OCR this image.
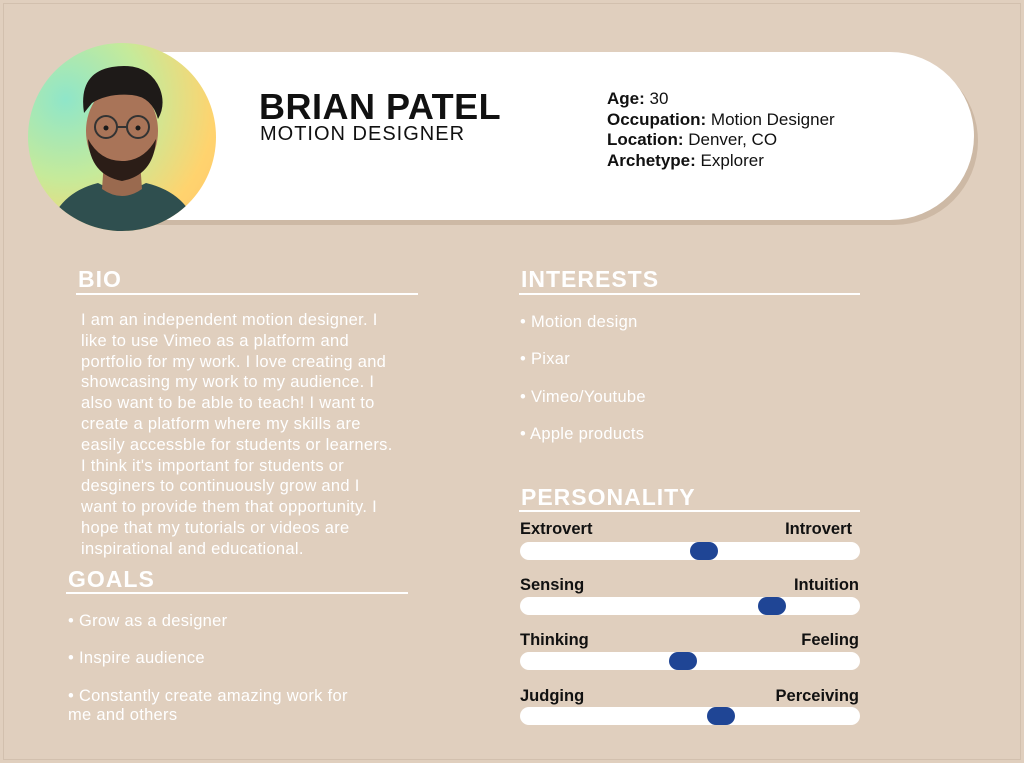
BRIAN PATEL
MOTION DESIGNER
Age: 30
Occupation: Motion Designer
Location: Denver, CO
Archetype: Explorer
BIO
I am an independent motion designer. I
like to use Vimeo as a platform and
portfolio for my work. I love creating and
showcasing my work to my audience. I
also want to be able to teach! I want to
create a platform where my skills are
easily accessble for students or learners.
I think it's important for students or
desginers to continuously grow and I
want to provide them that opportunity. I
hope that my tutorials or videos are
inspirational and educational.
GOALS
• Grow as a designer
• Inspire audience
• Constantly create amazing work for
me and others
INTERESTS
• Motion design
• Pixar
• Vimeo/Youtube
• Apple products
PERSONALITY
Extrovert	Introvert
Sensing	Intuition
Thinking	Feeling
Judging	Perceiving
